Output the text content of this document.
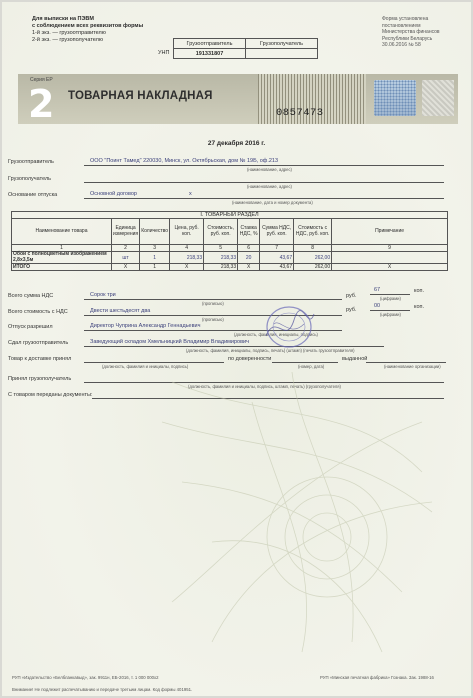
Для выписки на ПЭВМ
с соблюдением всех реквизитов формы
1-й экз. — грузоотправителю
2-й экз. — грузополучателю
Форма установлена
постановлением
Министерства финансов
Республики Беларусь
30.06.2016 № 58
УНП
Грузоотправитель	Грузополучатель
191331807	
Серия ЕР
2 ТОВАРНАЯ НАКЛАДНАЯ
0857473
27 декабря 2016 г.
Грузоотправитель	ООО "Поинт Тамед" 220030, Минск, ул. Октябрьская, дом № 19Б, оф.213
(наименование, адрес)
Грузополучатель
(наименование, адрес)
Основание отпуска	Основной договор	x
(наименование, дата и номер документа)
I. ТОВАРНЫЙ РАЗДЕЛ
Наименование товара	Единица измерения	Количество	Цена, руб. коп.	Стоимость, руб. коп.	Ставка НДС, %	Сумма НДС, руб. коп.	Стоимость с НДС, руб. коп.	Примечание
1	2	3	4	5	6	7	8	9
Обои с полноцветным изображением 2,8х3,5м	шт	1	218,33	218,33	20	43,67	262,00	
ИТОГО	X	1	X	218,33	X	43,67	262,00	X
Всего сумма НДС	Сорок три	руб.
67	коп.
(прописью)
(цифрами)
Всего стоимость с НДС	Двести шестьдесят два	руб.
00	коп.
(прописью)
(цифрами)
Отпуск разрешил	Директор Чуприна Александр Геннадьевич
(должность, фамилия, инициалы, подпись)
Сдал грузоотправитель	Заведующий складом Хмельницкий Владимир Владимирович
(должность, фамилия, инициалы, подпись, печать) (штамп) (печать грузоотправителя)
Товар к доставке принял	по доверенности	выданной
(должность, фамилия и инициалы, подпись)	(номер, дата)	(наименование организации)
Принял грузополучатель
(должность, фамилия и инициалы, подпись, штамп, печать) (грузополучателя)
С товаром переданы документы:
РУП «Издательство «Белбланкавыд», зак. 9911н, ЕБ-2016, т. 1 000 000х2	РУП «Минская печатная фабрика» Гознака. Зак. 1988-16
Внимание! Не подлежит распечатыванию и передаче третьим лицам. Код формы 401951.
